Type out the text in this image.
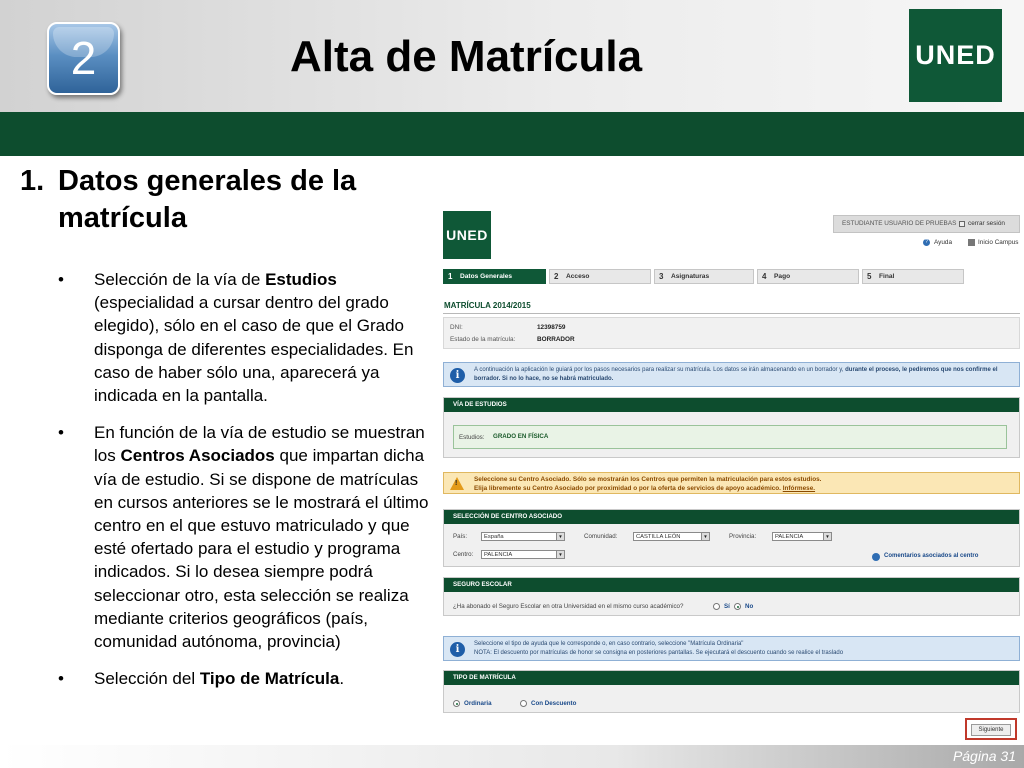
2	Alta de Matrícula	UNED
1. Datos generales de la matrícula
• Selección de la vía de Estudios (especialidad a cursar dentro del grado elegido), sólo en el caso de que el Grado disponga de diferentes especialidades. En caso de haber sólo una, aparecerá ya indicada en la pantalla.
• En función de la vía de estudio se muestran los Centros Asociados que impartan dicha vía de estudio. Si se dispone de matrículas en cursos anteriores se le mostrará el último centro en el que estuvo matriculado y que esté ofertado para el estudio y programa indicados. Si lo desea siempre podrá seleccionar otro, esta selección se realiza mediante criterios geográficos (país, comunidad autónoma, provincia)
• Selección del Tipo de Matrícula.
UNED
ESTUDIANTE USUARIO DE PRUEBAS cerrar sesión
? Ayuda	Inicio Campus
1 Datos Generales	2 Acceso	3 Asignaturas	4 Pago	5 Final
MATRÍCULA 2014/2015
DNI:	12398759
Estado de la matrícula:	BORRADOR
i	A continuación la aplicación le guiará por los pasos necesarios para realizar su matrícula. Los datos se irán almacenando en un borrador y, durante el proceso, le pediremos que nos confirme el borrador. Si no lo hace, no se habrá matriculado.
VÍA DE ESTUDIOS
Estudios: GRADO EN FÍSICA
!
Seleccione su Centro Asociado. Sólo se mostrarán los Centros que permiten la matriculación para estos estudios.
Elija libremente su Centro Asociado por proximidad o por la oferta de servicios de apoyo académico. Infórmese.
SELECCIÓN DE CENTRO ASOCIADO
País:	España	▼	Comunidad:	CASTILLA LEÓN	▼	Provincia:	PALENCIA	▼
Centro:	PALENCIA	▼	Comentarios asociados al centro
SEGURO ESCOLAR
¿Ha abonado el Seguro Escolar en otra Universidad en el mismo curso académico?	Sí No
i	Seleccione el tipo de ayuda que le corresponde o, en caso contrario, seleccione "Matrícula Ordinaria"
NOTA: El descuento por matrículas de honor se consigna en posteriores pantallas. Se ejecutará el descuento cuando se realice el traslado
TIPO DE MATRÍCULA
Ordinaria	Con Descuento
Siguiente
Página 31
